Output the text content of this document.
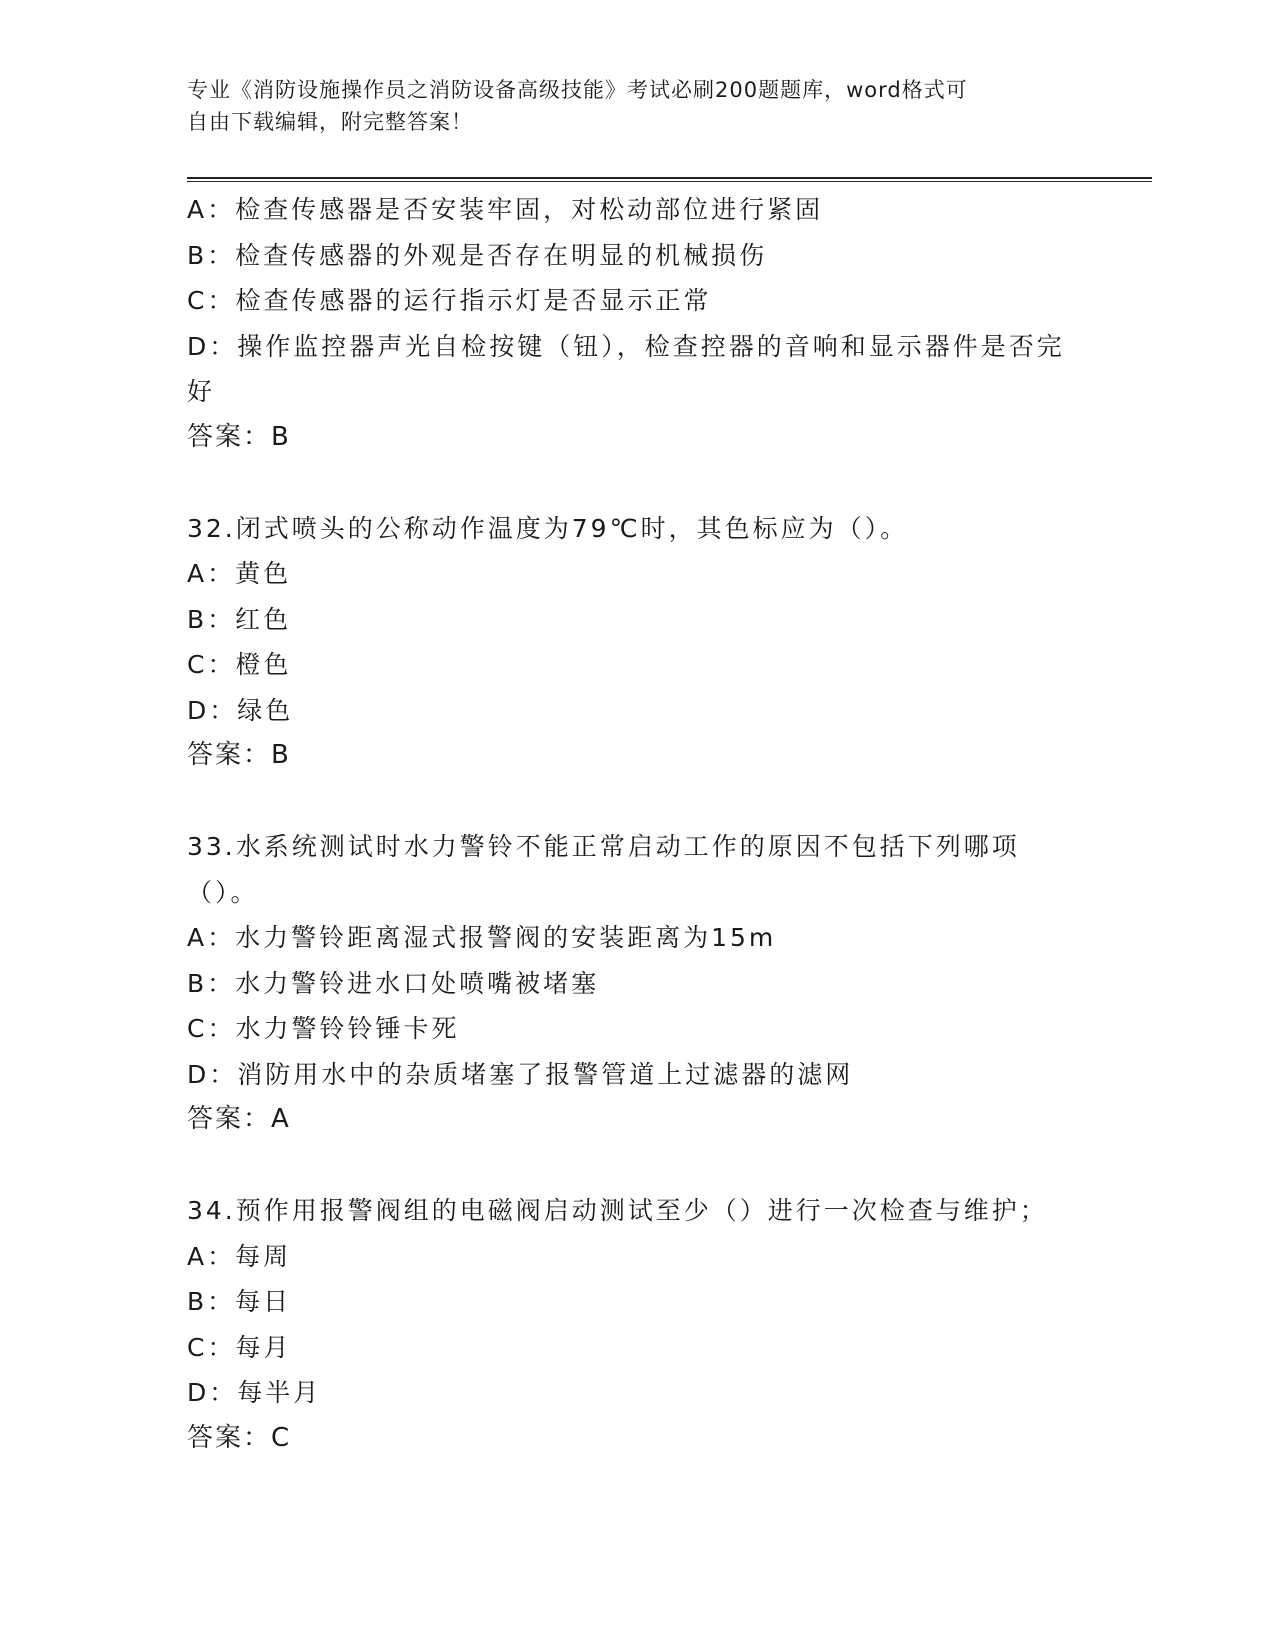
专业《消防设施操作员之消防设备高级技能》考试必刷200题题库，word格式可
自由下载编辑，附完整答案！
A：检查传感器是否安装牢固，对松动部位进行紧固
B：检查传感器的外观是否存在明显的机械损伤
C：检查传感器的运行指示灯是否显示正常
D：操作监控器声光自检按键（钮），检查控器的音响和显示器件是否完好
答案：B
32.闭式喷头的公称动作温度为79℃时，其色标应为（）。
A：黄色
B：红色
C：橙色
D：绿色
答案：B
33.水系统测试时水力警铃不能正常启动工作的原因不包括下列哪项（）。
A：水力警铃距离湿式报警阀的安装距离为15m
B：水力警铃进水口处喷嘴被堵塞
C：水力警铃铃锤卡死
D：消防用水中的杂质堵塞了报警管道上过滤器的滤网
答案：A
34.预作用报警阀组的电磁阀启动测试至少（）进行一次检查与维护；
A：每周
B：每日
C：每月
D：每半月
答案：C
